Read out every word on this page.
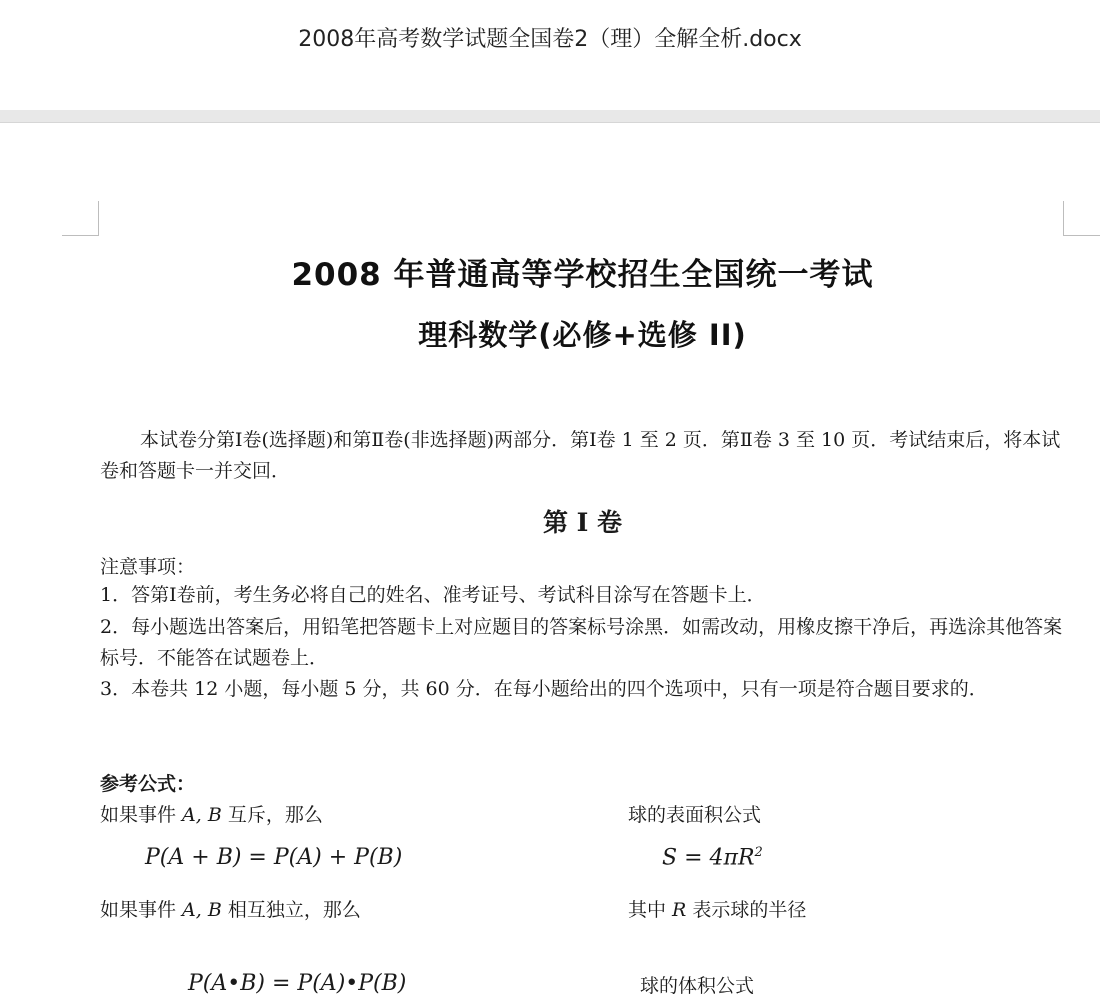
2008年高考数学试题全国卷2（理）全解全析.docx
2008 年普通高等学校招生全国统一考试
理科数学(必修+选修 II)
本试卷分第Ⅰ卷(选择题)和第Ⅱ卷(非选择题)两部分．第Ⅰ卷 1 至 2 页．第Ⅱ卷 3 至 10 页．考试结束后，将本试卷和答题卡一并交回．
第 I 卷
注意事项：
1．答第Ⅰ卷前，考生务必将自己的姓名、准考证号、考试科目涂写在答题卡上．
2．每小题选出答案后，用铅笔把答题卡上对应题目的答案标号涂黑．如需改动，用橡皮擦干净后，再选涂其他答案标号．不能答在试题卷上．
3．本卷共 12 小题，每小题 5 分，共 60 分．在每小题给出的四个选项中，只有一项是符合题目要求的．
参考公式：
如果事件 A, B 互斥，那么
P(A + B) = P(A) + P(B)
如果事件 A, B 相互独立，那么
P(A•B) = P(A)•P(B)
球的表面积公式
$S = 4\pi R^2$
其中 R 表示球的半径
球的体积公式
